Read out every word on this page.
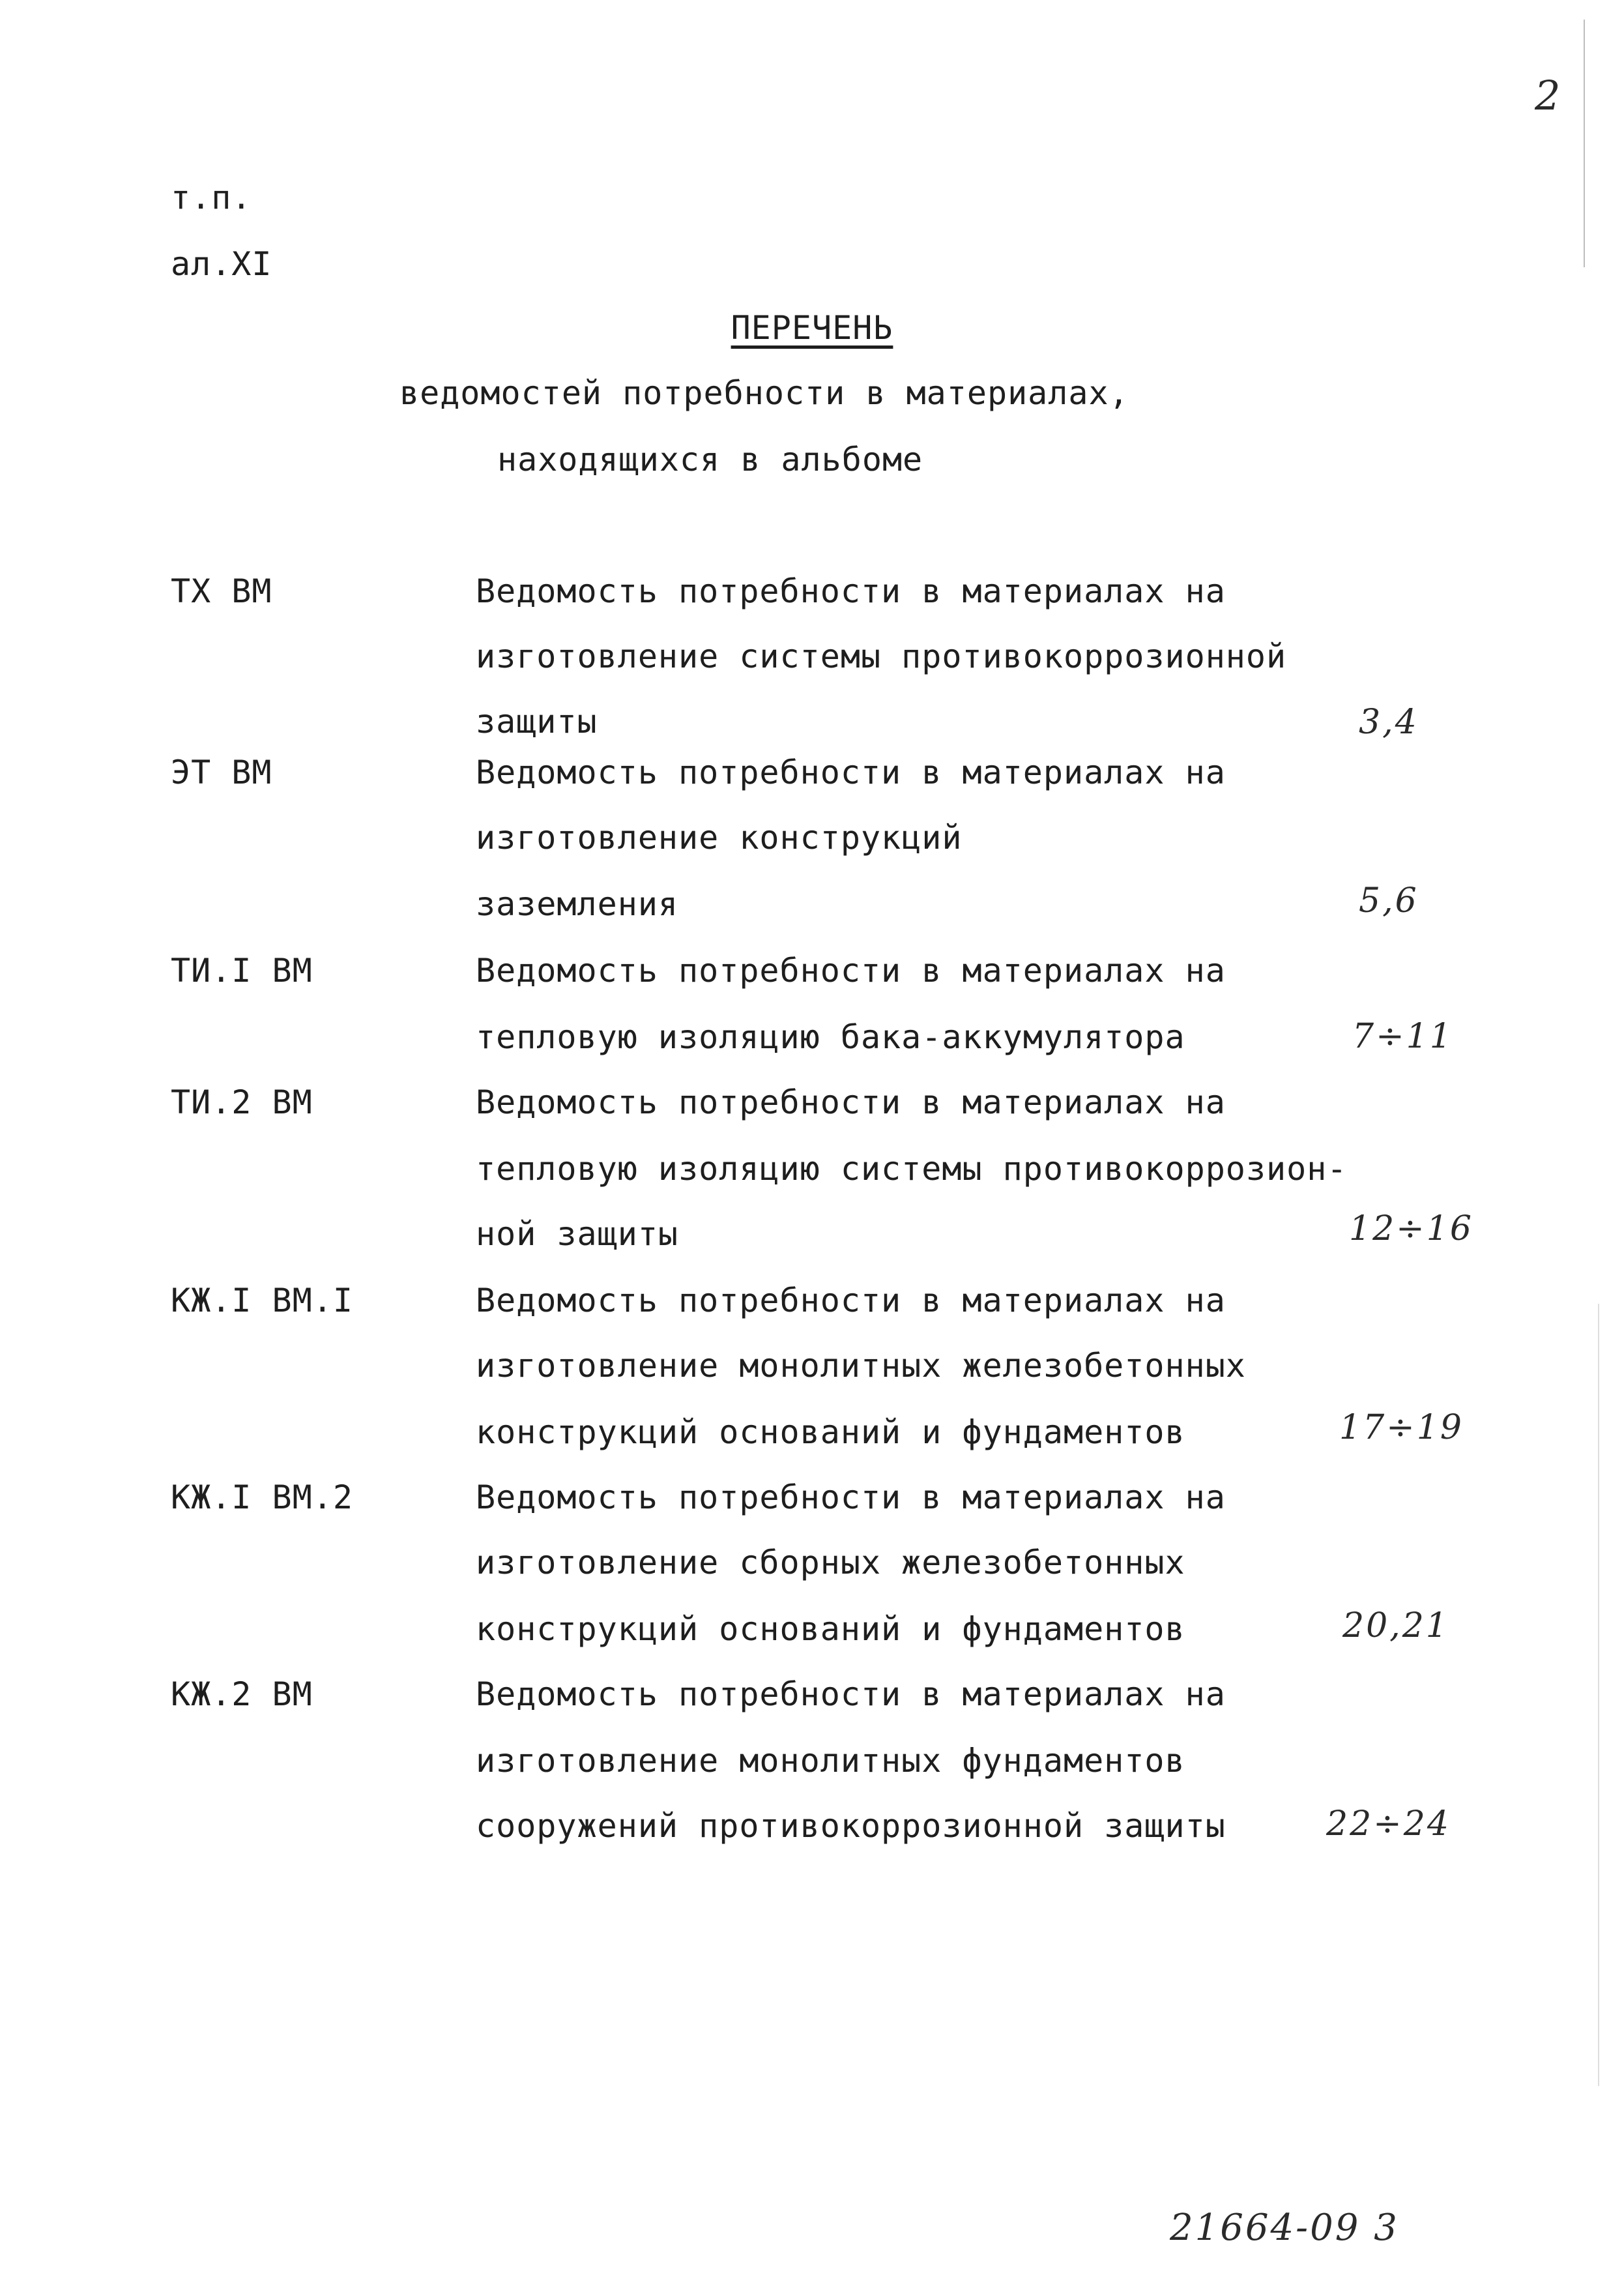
2
т.п.
ал.XI
ПЕРЕЧЕНЬ
ведомостей потребности в материалах,
находящихся в альбоме
ТХ ВМ	Ведомость потребности в материалах на
изготовление системы противокоррозионной
защиты	3,4
ЭТ ВМ	Ведомость потребности в материалах на
изготовление конструкций
заземления	5,6
ТИ.I ВМ	Ведомость потребности в материалах на
тепловую изоляцию бака-аккумулятора	7÷11
ТИ.2 ВМ	Ведомость потребности в материалах на
тепловую изоляцию системы противокоррозион-
ной защиты	12÷16
КЖ.I ВМ.I	Ведомость потребности в материалах на
изготовление монолитных железобетонных
конструкций оснований и фундаментов	17÷19
КЖ.I ВМ.2	Ведомость потребности в материалах на
изготовление сборных железобетонных
конструкций оснований и фундаментов	20,21
КЖ.2 ВМ	Ведомость потребности в материалах на
изготовление монолитных фундаментов
сооружений противокоррозионной защиты	22÷24
21664-09 3
